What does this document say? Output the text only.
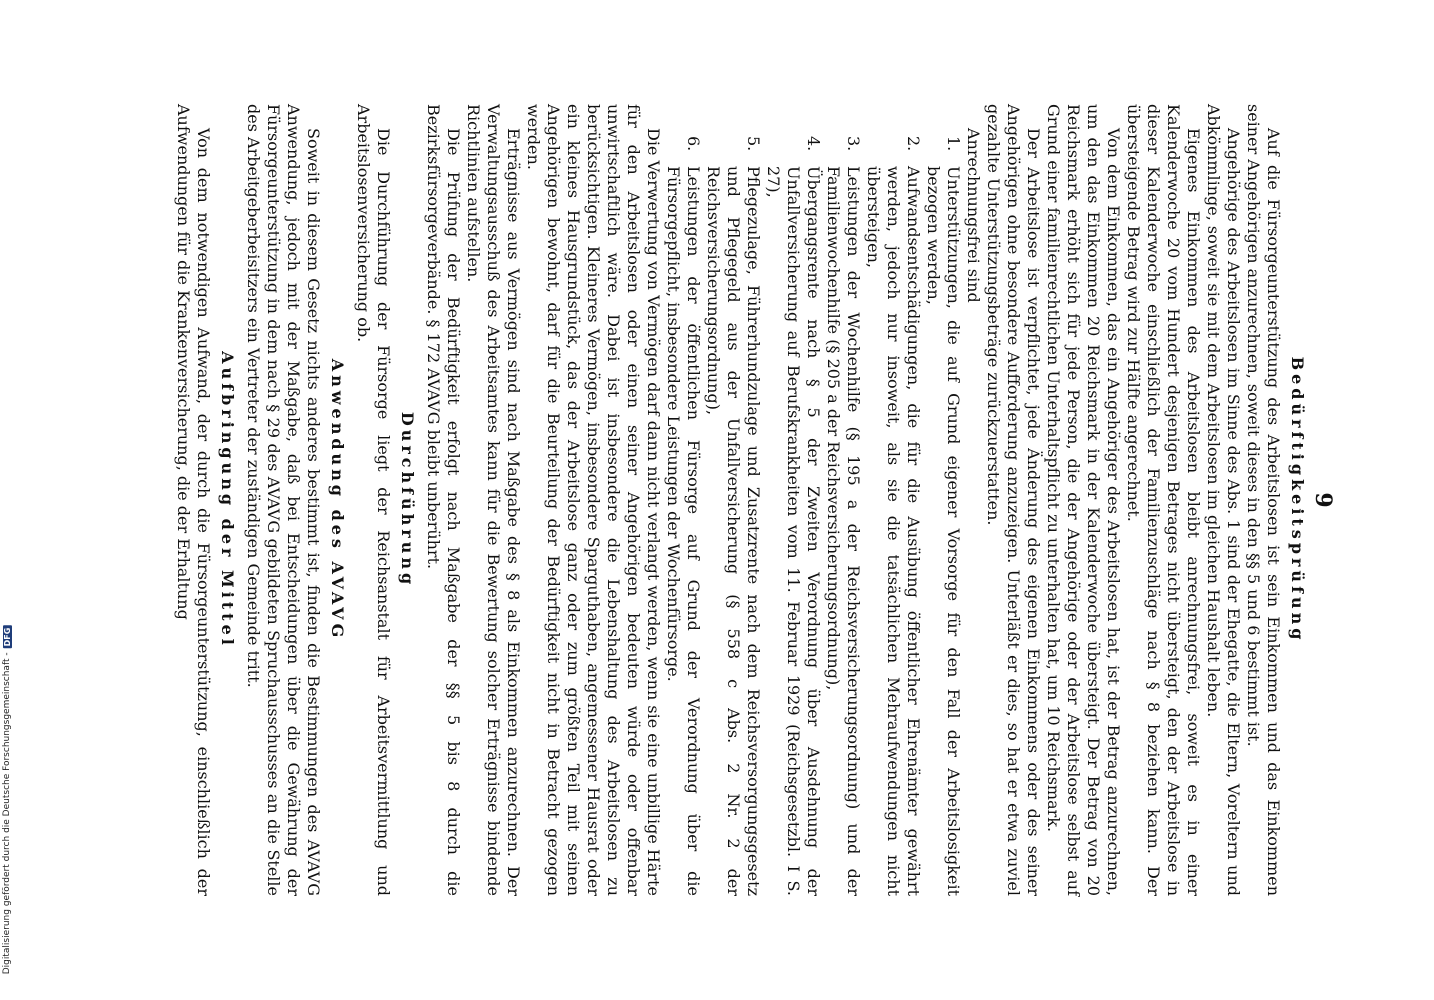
9
Bedürftigkeitsprüfung

Auf die Fürsorgeunterstützung des Arbeitslosen ist sein Einkommen und das Einkommen seiner Angehörigen anzurechnen, soweit dieses in den §§ 5 und 6 bestimmt ist.

Angehörige des Arbeitslosen im Sinne des Abs. 1 sind der Ehegatte, die Eltern, Voreltern und Abkömmlinge, soweit sie mit dem Arbeitslosen im gleichen Haushalt leben.

Eigenes Einkommen des Arbeitslosen bleibt anrechnungsfrei, soweit es in einer Kalenderwoche 20 vom Hundert desjenigen Betrages nicht übersteigt, den der Arbeitslose in dieser Kalenderwoche einschließlich der Familienzuschläge nach § 8 beziehen kann. Der übersteigende Betrag wird zur Hälfte angerechnet.

Von dem Einkommen, das ein Angehöriger des Arbeitslosen hat, ist der Betrag anzurechnen, um den das Einkommen 20 Reichsmark in der Kalenderwoche übersteigt. Der Betrag von 20 Reichsmark erhöht sich für jede Person, die der Angehörige oder der Arbeitslose selbst auf Grund einer familienrechtlichen Unterhaltspflicht zu unterhalten hat, um 10 Reichsmark.

Der Arbeitslose ist verpflichtet, jede Änderung des eigenen Einkommens oder des seiner Angehörigen ohne besondere Aufforderung anzuzeigen. Unterläßt er dies, so hat er etwa zuviel gezahlte Unterstützungsbeträge zurückzuerstatten.

Anrechnungsfrei sind

1.
Unterstützungen, die auf Grund eigener Vorsorge für den Fall der Arbeitslosigkeit bezogen werden,
2.
Aufwandsentschädigungen, die für die Ausübung öffentlicher Ehrenämter gewährt werden, jedoch nur insoweit, als sie die tatsächlichen Mehraufwendungen nicht übersteigen,
3.
Leistungen der Wochenhilfe (§ 195 a der Reichsversicherungsordnung) und der Familienwochenhilfe (§ 205 a der Reichsversicherungsordnung),
4.
Übergangsrente nach § 5 der Zweiten Verordnung über Ausdehnung der Unfallversicherung auf Berufskrankheiten vom 11. Februar 1929 (Reichsgesetzbl. I S. 27),
5.
Pflegezulage, Führerhundzulage und Zusatzrente nach dem Reichsversorgungsgesetz und Pflegegeld aus der Unfallversicherung (§ 558 c Abs. 2 Nr. 2 der Reichsversicherungsordnung),
6.
Leistungen der öffentlichen Fürsorge auf Grund der Verordnung über die Fürsorgepflicht, insbesondere Leistungen der Wochenfürsorge.

Die Verwertung von Vermögen darf dann nicht verlangt werden, wenn sie eine unbillige Härte für den Arbeitslosen oder einen seiner Angehörigen bedeuten würde oder offenbar unwirtschaftlich wäre. Dabei ist insbesondere die Lebenshaltung des Arbeitslosen zu berücksichtigen. Kleineres Vermögen, insbesondere Sparguthaben, angemessener Hausrat oder ein kleines Hausgrundstück, das der Arbeitslose ganz oder zum größten Teil mit seinen Angehörigen bewohnt, darf für die Beurteilung der Bedürftigkeit nicht in Betracht gezogen werden.

Erträgnisse aus Vermögen sind nach Maßgabe des § 8 als Einkommen anzurechnen. Der Verwaltungsausschuß des Arbeitsamtes kann für die Bewertung solcher Erträgnisse bindende Richtlinien aufstellen.

Die Prüfung der Bedürftigkeit erfolgt nach Maßgabe der §§ 5 bis 8 durch die Bezirksfürsorgeverbände. § 172 AVAVG bleibt unberührt.

Durchführung

Die Durchführung der Fürsorge liegt der Reichsanstalt für Arbeitsvermittlung und Arbeitslosenversicherung ob.

Anwendung des AVAVG

Soweit in diesem Gesetz nichts anderes bestimmt ist, finden die Bestimmungen des AVAVG Anwendung, jedoch mit der Maßgabe, daß bei Entscheidungen über die Gewährung der Fürsorgeunterstützung in dem nach § 29 des AVAVG gebildeten Spruchausschusses an die Stelle des Arbeitgeberbeisitzers ein Vertreter der zuständigen Gemeinde tritt.

Aufbringung der Mittel

Von dem notwendigen Aufwand, der durch die Fürsorgeunterstützung, einschließlich der Aufwendungen für die Krankenversicherung, die der Erhaltung

Digitalisierung gefördert durch die Deutsche Forschungsgemeinschaft -
DFG
